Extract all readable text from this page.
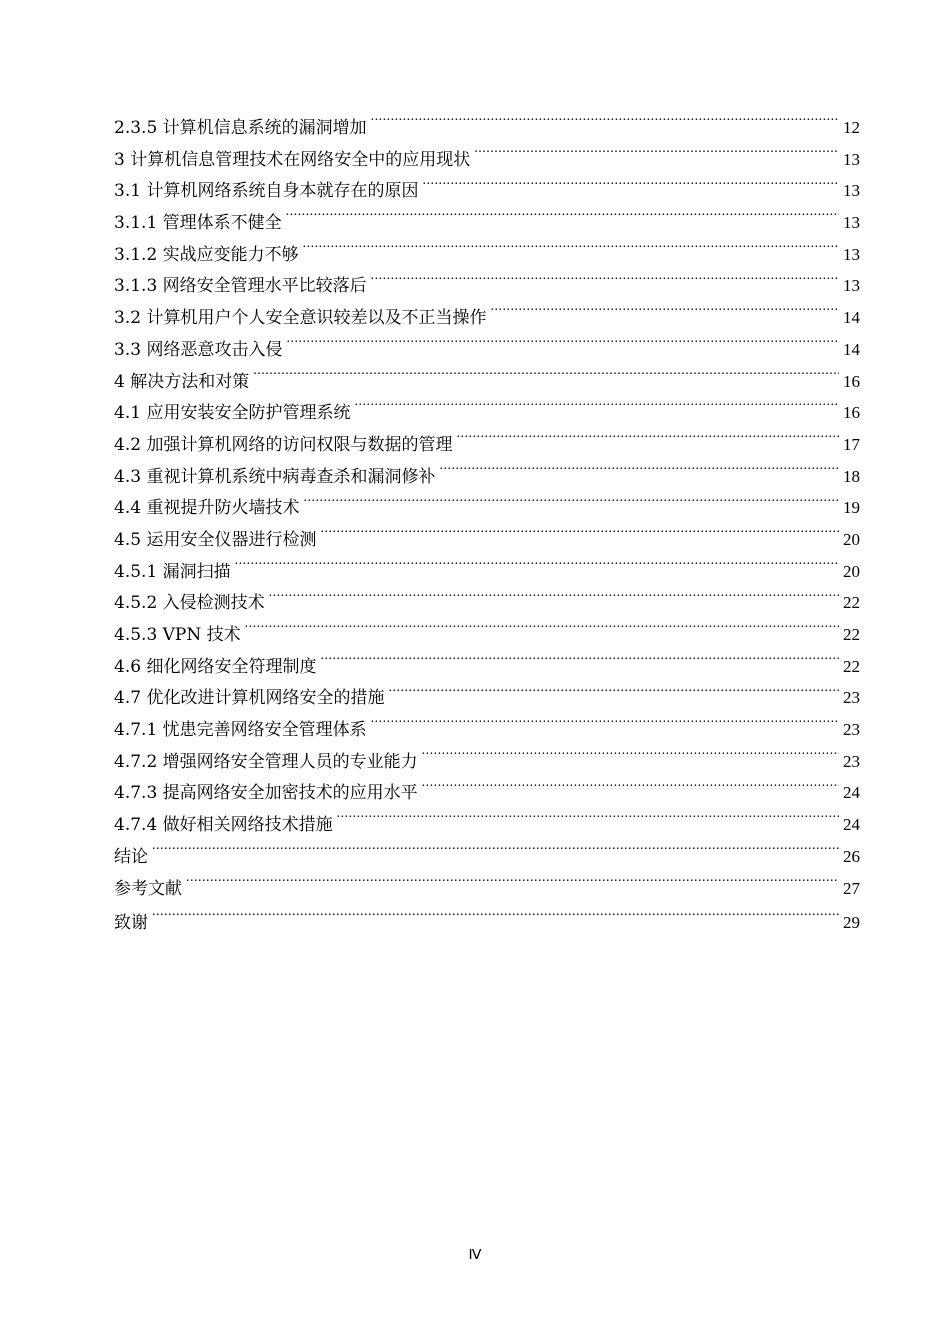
2.3.5 计算机信息系统的漏洞增加 .....	12
3 计算机信息管理技术在网络安全中的应用现状 .....	13
3.1 计算机网络系统自身本就存在的原因 .....	13
3.1.1 管理体系不健全 .....	13
3.1.2 实战应变能力不够 .....	13
3.1.3 网络安全管理水平比较落后 .....	13
3.2 计算机用户个人安全意识较差以及不正当操作 .....	14
3.3 网络恶意攻击入侵 .....	14
4 解决方法和对策 .....	16
4.1 应用安装安全防护管理系统 .....	16
4.2 加强计算机网络的访问权限与数据的管理 .....	17
4.3 重视计算机系统中病毒查杀和漏洞修补 .....	18
4.4 重视提升防火墙技术 .....	19
4.5 运用安全仪器进行检测 .....	20
4.5.1 漏洞扫描 .....	20
4.5.2 入侵检测技术 .....	22
4.5.3 VPN 技术 .....	22
4.6 细化网络安全符理制度 .....	22
4.7 优化改进计算机网络安全的措施 .....	23
4.7.1 忧患完善网络安全管理体系 .....	23
4.7.2 增强网络安全管理人员的专业能力 .....	23
4.7.3 提高网络安全加密技术的应用水平 .....	24
4.7.4 做好相关网络技术措施 .....	24
结论 .....	26
参考文献 .....	27
致谢 .....	29
Ⅳ
